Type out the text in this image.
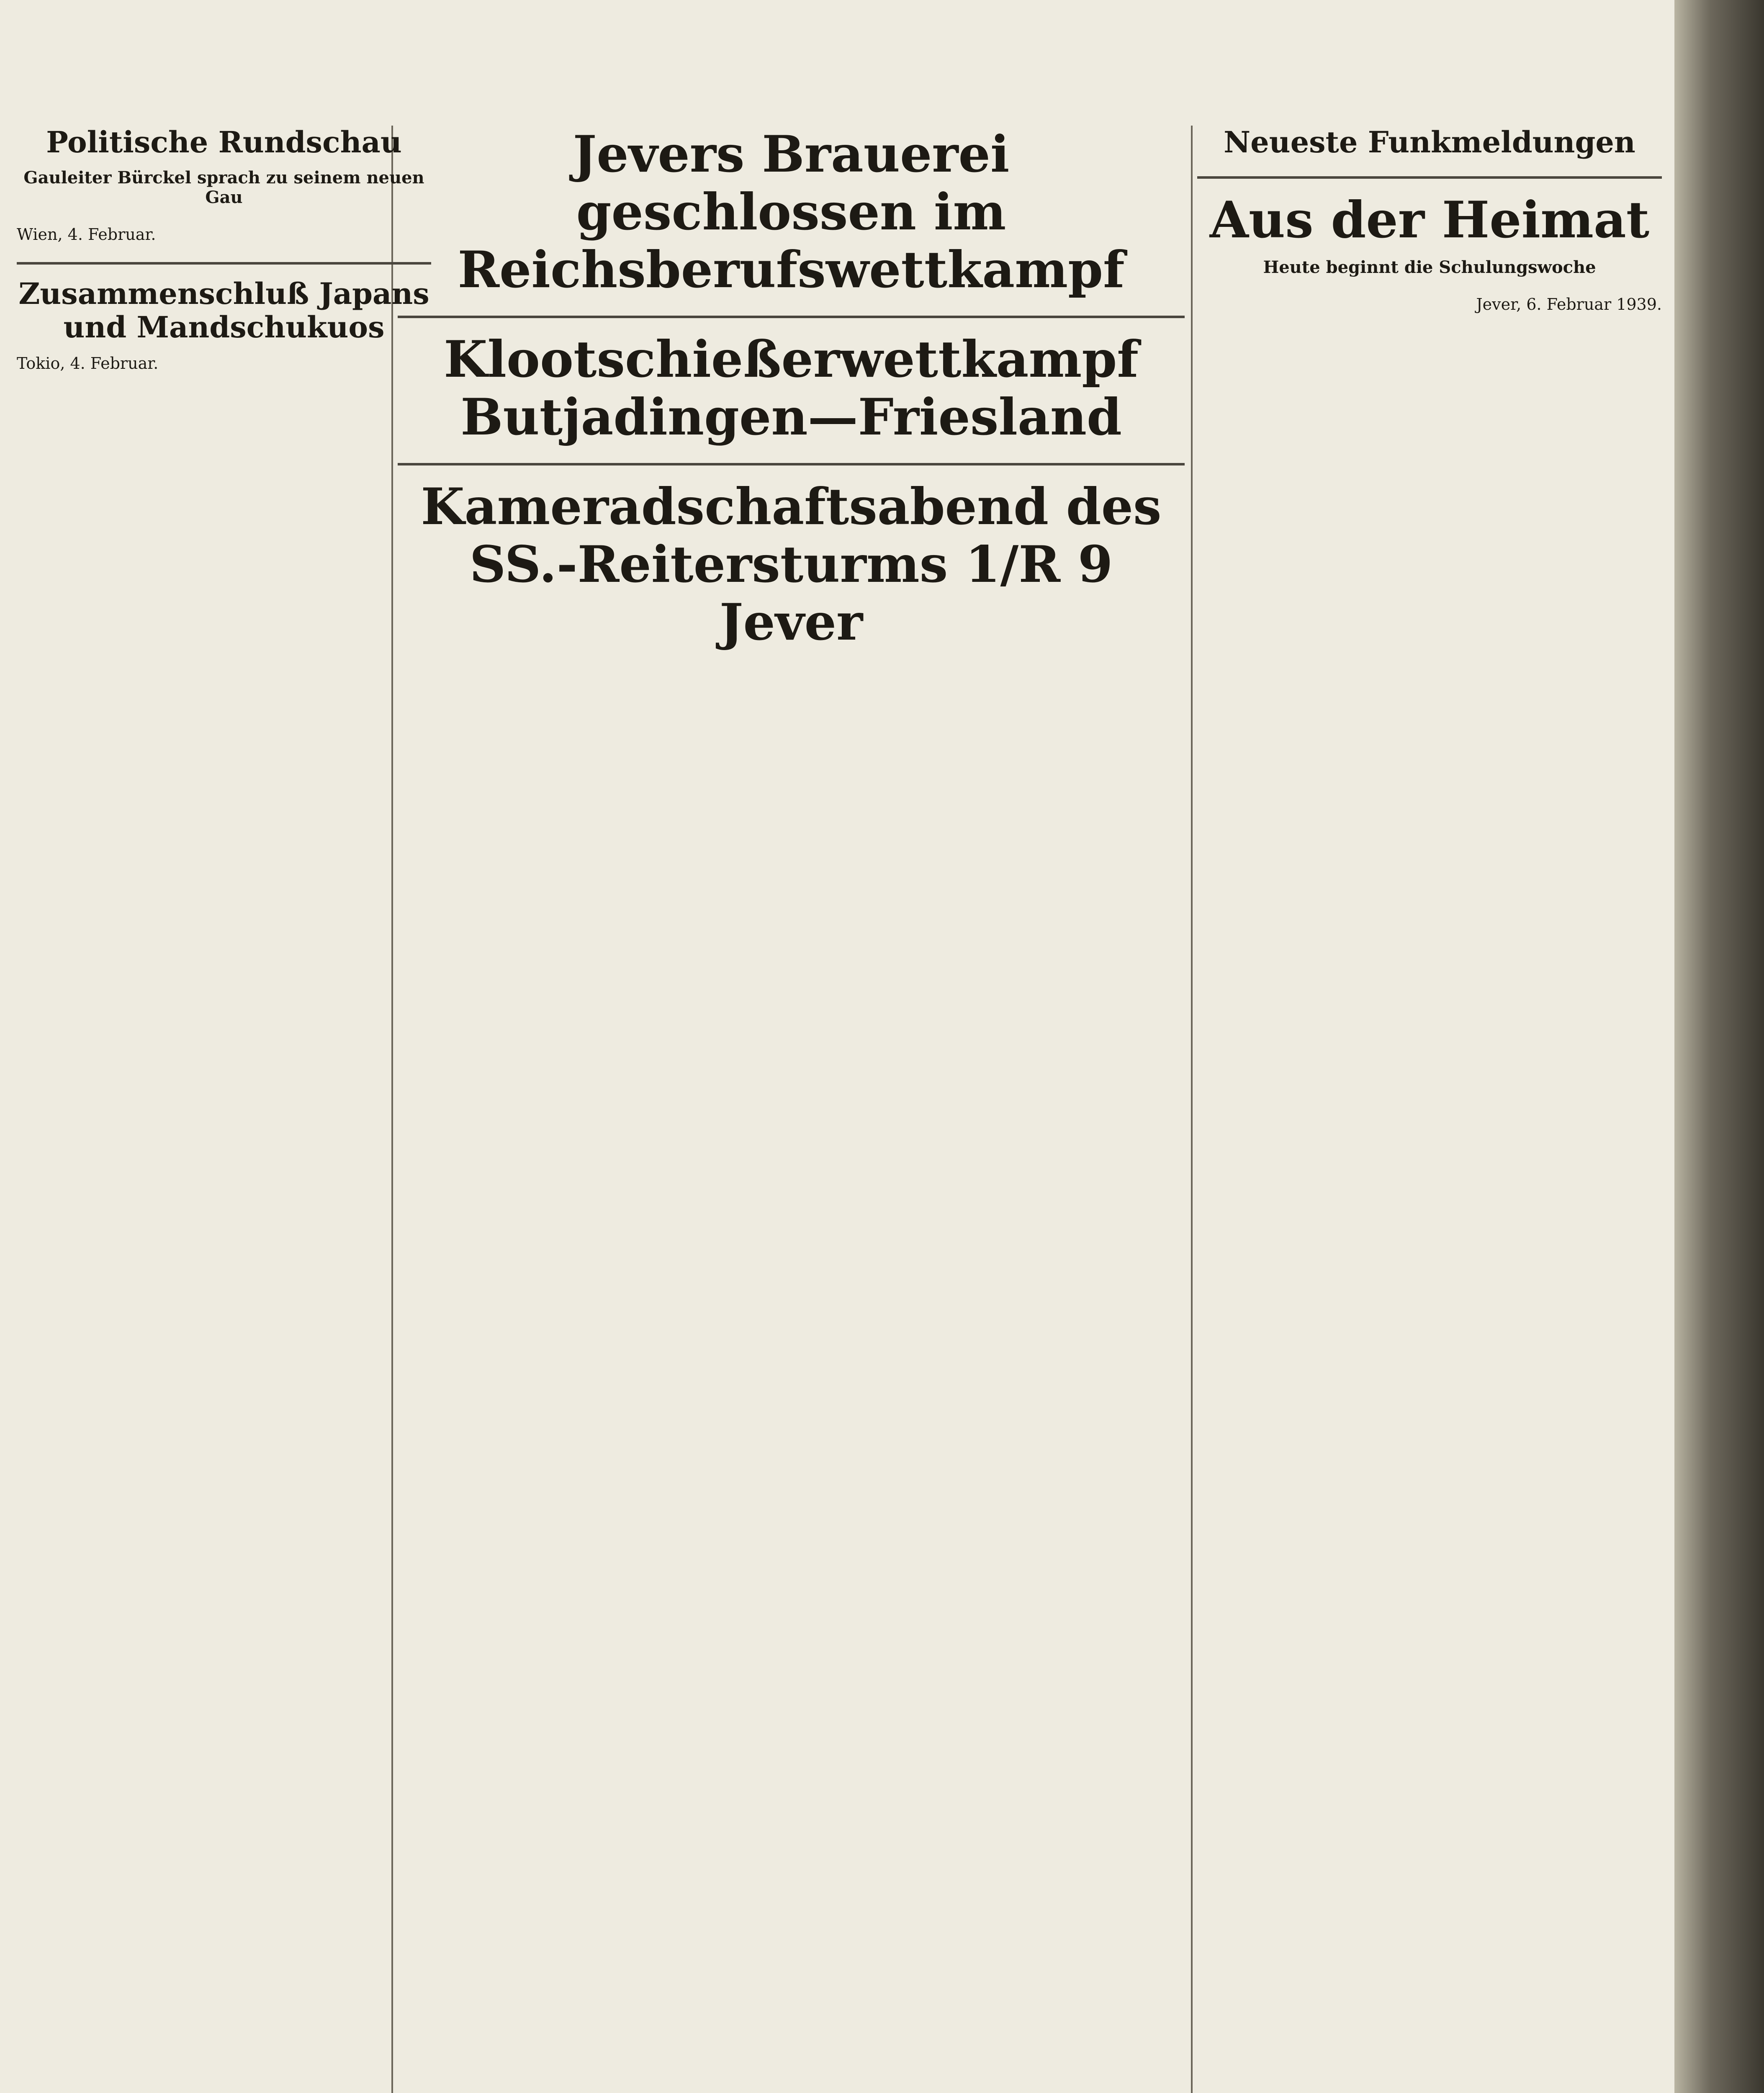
Politische Rundschau

Gauleiter Bürckel sprach zu seinem neuen Gau

Wien, 4. Februar.

Zusammenschluß Japans und Mandschukuos

Tokio, 4. Februar.

Jevers Brauerei geschlossen im Reichsberufswettkampf

Klootschießerwettkampf Butjadingen—Friesland

Kameradschaftsabend des SS.-Reitersturms 1/R 9 Jever

Neueste Funkmeldungen

Aus der Heimat

Heute beginnt die Schulungswoche

Jever, 6. Februar 1939.
